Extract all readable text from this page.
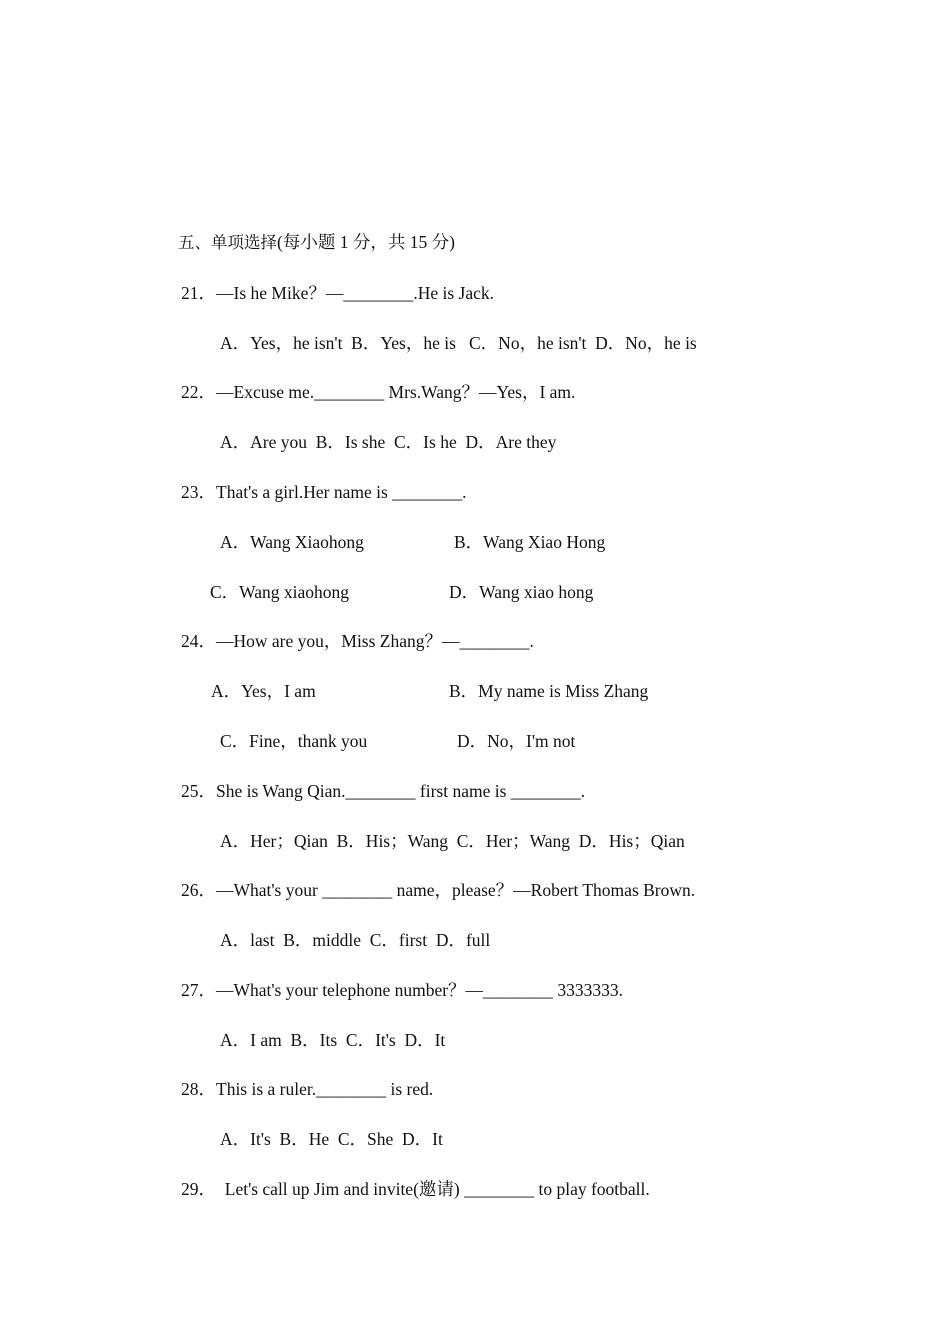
五、单项选择(每小题 1 分，共 15 分)
21．—Is he Mike？—________.He is Jack.
A．Yes，he isn't  B．Yes，he is   C．No，he isn't  D．No，he is
22．—Excuse me.________ Mrs.Wang？—Yes，I am.
A．Are you  B．Is she  C．Is he  D．Are they
23．That's a girl.Her name is ________.
A．Wang Xiaohong	B．Wang Xiao Hong
C．Wang xiaohong	D．Wang xiao hong
24．—How are you，Miss Zhang？—________.
A．Yes，I am	B．My name is Miss Zhang
C．Fine，thank you	D．No，I'm not
25．She is Wang Qian.________ first name is ________.
A．Her；Qian  B．His；Wang  C．Her；Wang  D．His；Qian
26．—What's your ________ name，please？—Robert Thomas Brown.
A．last  B．middle  C．first  D．full
27．—What's your telephone number？—________ 3333333.
A．I am  B．Its  C．It's  D．It
28．This is a ruler.________ is red.
A．It's  B．He  C．She  D．It
29．  Let's call up Jim and invite(邀请) ________ to play football.
